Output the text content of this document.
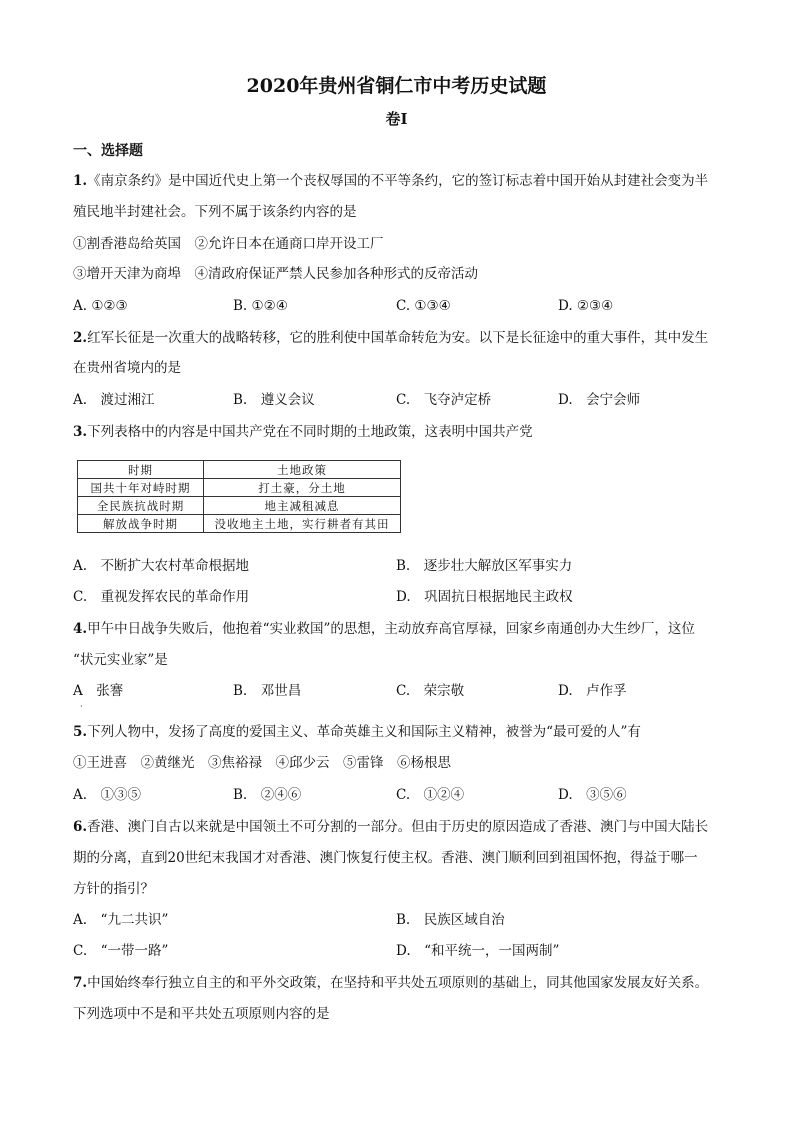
2020年贵州省铜仁市中考历史试题
卷Ⅰ
一、选择题
1.《南京条约》是中国近代史上第一个丧权辱国的不平等条约，它的签订标志着中国开始从封建社会变为半
殖民地半封建社会。下列不属于该条约内容的是
①割香港岛给英国　②允许日本在通商口岸开设工厂
③增开天津为商埠　④清政府保证严禁人民参加各种形式的反帝活动
A. ①②③	B. ①②④	C. ①③④	D. ②③④
2.红军长征是一次重大的战略转移，它的胜利使中国革命转危为安。以下是长征途中的重大事件，其中发生
在贵州省境内的是
A.　渡过湘江	B.　遵义会议	C.　飞夺泸定桥	D.　会宁会师
3.下列表格中的内容是中国共产党在不同时期的土地政策，这表明中国共产党
时期	土地政策
国共十年对峙时期	打土豪，分土地
全民族抗战时期	地主减租减息
解放战争时期	没收地主土地，实行耕者有其田
A.　不断扩大农村革命根据地	B.　逐步壮大解放区军事实力
C.　重视发挥农民的革命作用	D.　巩固抗日根据地民主政权
4.甲午中日战争失败后，他抱着“实业救国”的思想，主动放弃高官厚禄，回家乡南通创办大生纱厂，这位
“状元实业家”是
A　张謇	B.　邓世昌	C.　荣宗敬	D.　卢作孚
·
5.下列人物中，发扬了高度的爱国主义、革命英雄主义和国际主义精神，被誉为“最可爱的人”有
①王进喜　②黄继光　③焦裕禄　④邱少云　⑤雷锋　⑥杨根思
A.　①③⑤	B.　②④⑥	C.　①②④	D.　③⑤⑥
6.香港、澳门自古以来就是中国领土不可分割的一部分。但由于历史的原因造成了香港、澳门与中国大陆长
期的分离，直到20世纪末我国才对香港、澳门恢复行使主权。香港、澳门顺利回到祖国怀抱，得益于哪一
方针的指引？
A.　“九二共识”	B.　民族区域自治
C.　“一带一路”	D.　“和平统一，一国两制”
7.中国始终奉行独立自主的和平外交政策，在坚持和平共处五项原则的基础上，同其他国家发展友好关系。
下列选项中不是和平共处五项原则内容的是
